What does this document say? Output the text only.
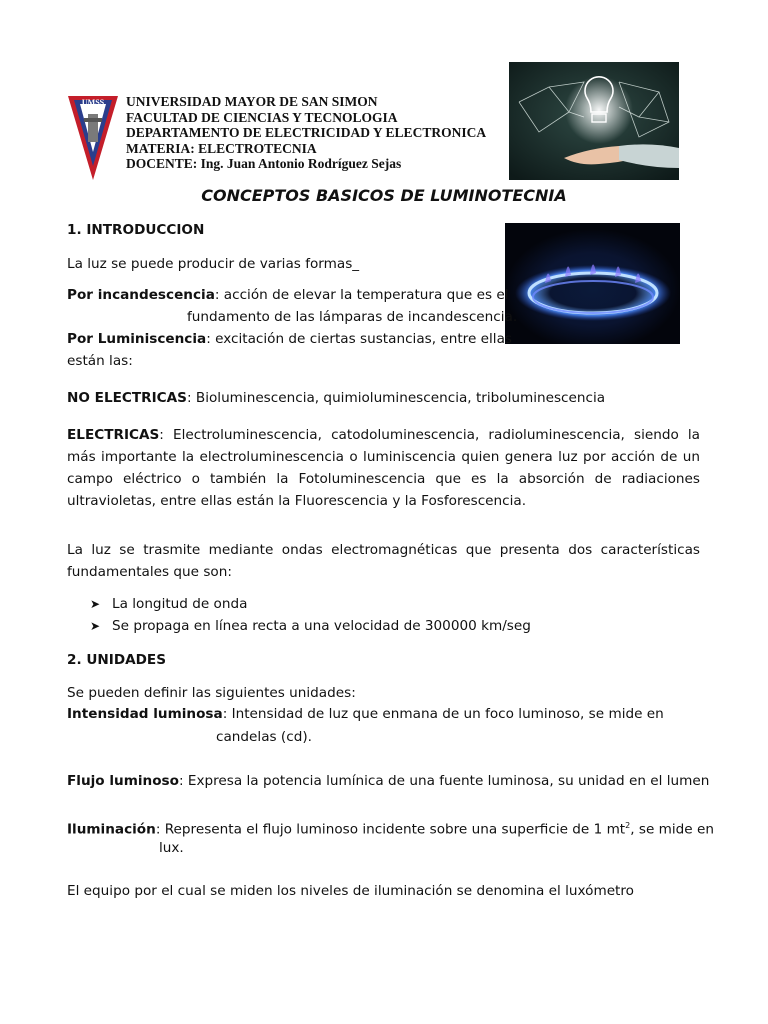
UMSS UNIVERSIDAD MAYOR DE SAN SIMON
FACULTAD DE CIENCIAS Y TECNOLOGIA
DEPARTAMENTO DE ELECTRICIDAD Y ELECTRONICA
MATERIA: ELECTROTECNIA
DOCENTE: Ing. Juan Antonio Rodríguez Sejas
CONCEPTOS BASICOS DE LUMINOTECNIA
1. INTRODUCCION
La luz se puede producir de varias formas_
Por incandescencia: acción de elevar la temperatura que es el
fundamento de las lámparas de incandescencia.
Por Luminiscencia: excitación de ciertas sustancias, entre ellas
están las:
NO ELECTRICAS: Bioluminescencia, quimioluminescencia, triboluminescencia
ELECTRICAS: Electroluminescencia, catodoluminescencia, radioluminescencia, siendo la más importante la electroluminescencia o luminiscencia quien genera luz por acción de un campo eléctrico o también la Fotoluminescencia que es la absorción de radiaciones ultravioletas, entre ellas están la Fluorescencia y la Fosforescencia.
La luz se trasmite mediante ondas electromagnéticas que presenta dos características fundamentales que son:
➤ La longitud de onda
➤ Se propaga en línea recta a una velocidad de 300000 km/seg
2. UNIDADES
Se pueden definir las siguientes unidades:
Intensidad luminosa: Intensidad de luz que enmana de un foco luminoso, se mide en
candelas (cd).
Flujo luminoso: Expresa la potencia lumínica de una fuente luminosa, su unidad en el lumen
Iluminación: Representa el flujo luminoso incidente sobre una superficie de 1 $mt^2$, se mide en
lux.
El equipo por el cual se miden los niveles de iluminación se denomina el luxómetro
